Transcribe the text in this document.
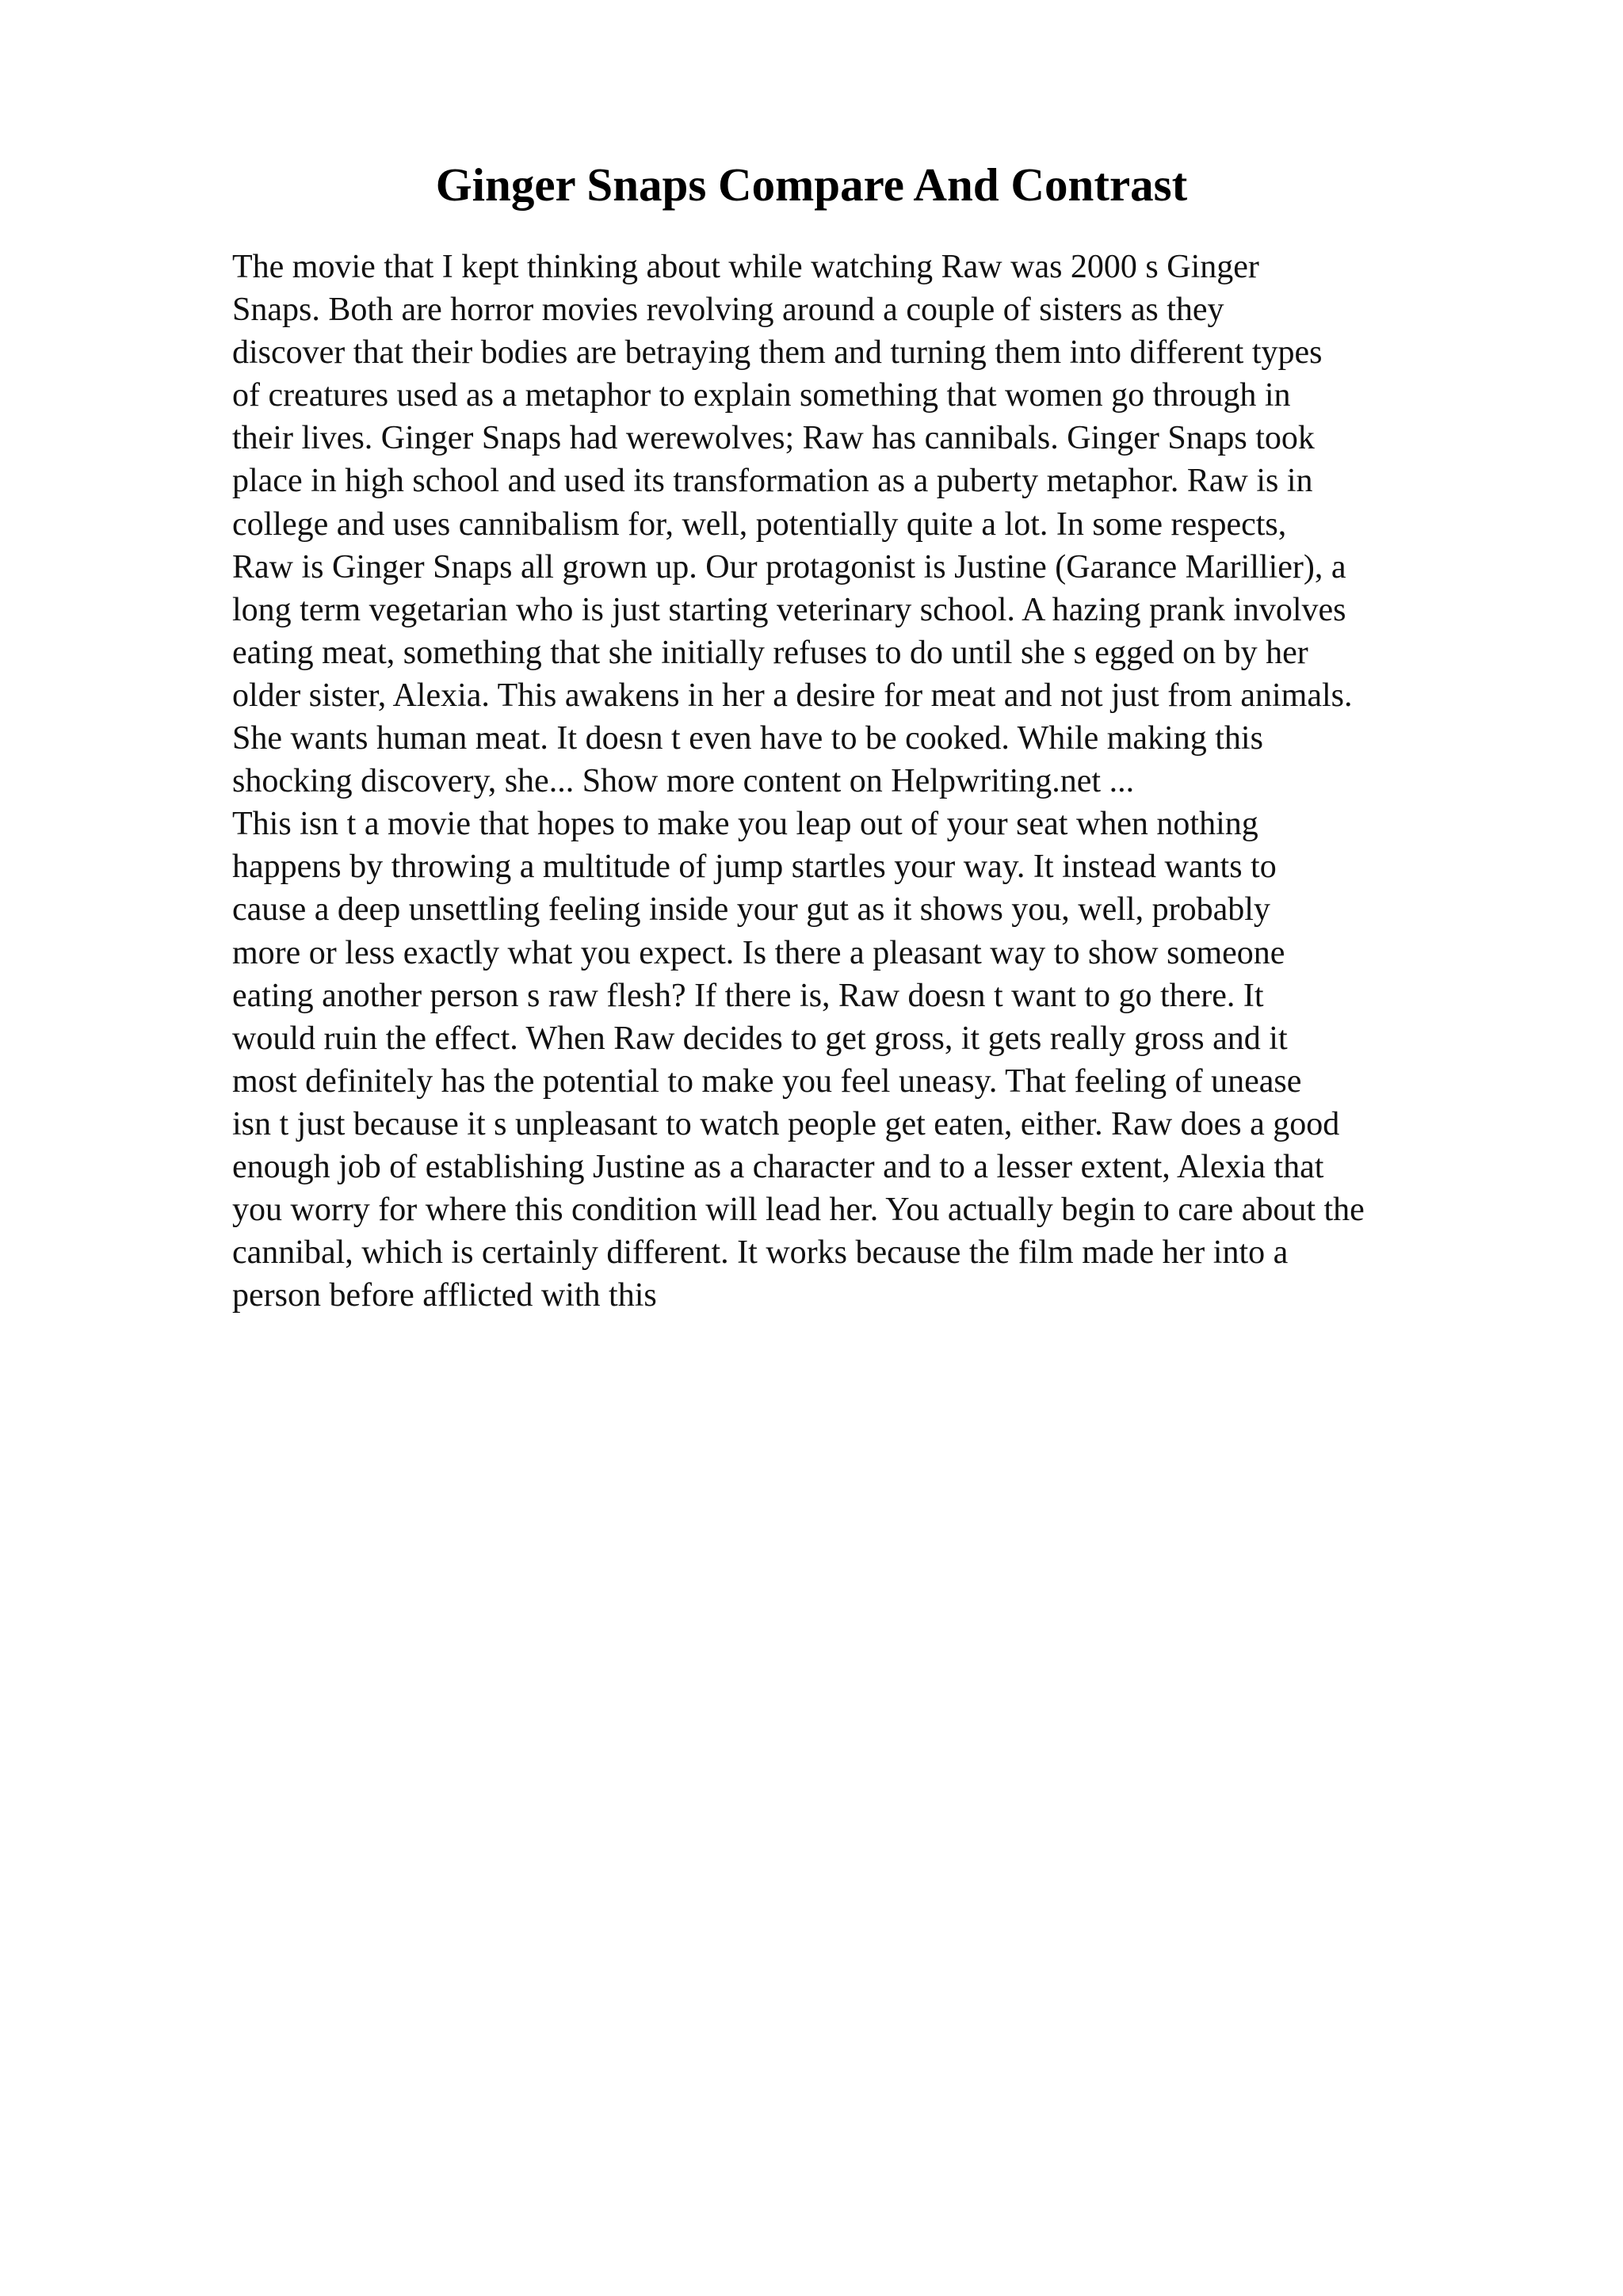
Ginger Snaps Compare And Contrast
The movie that I kept thinking about while watching Raw was 2000 s Ginger
Snaps. Both are horror movies revolving around a couple of sisters as they
discover that their bodies are betraying them and turning them into different types
of creatures used as a metaphor to explain something that women go through in
their lives. Ginger Snaps had werewolves; Raw has cannibals. Ginger Snaps took
place in high school and used its transformation as a puberty metaphor. Raw is in
college and uses cannibalism for, well, potentially quite a lot. In some respects,
Raw is Ginger Snaps all grown up. Our protagonist is Justine (Garance Marillier), a
long term vegetarian who is just starting veterinary school. A hazing prank involves
eating meat, something that she initially refuses to do until she s egged on by her
older sister, Alexia. This awakens in her a desire for meat and not just from animals.
She wants human meat. It doesn t even have to be cooked. While making this
shocking discovery, she... Show more content on Helpwriting.net ...
This isn t a movie that hopes to make you leap out of your seat when nothing
happens by throwing a multitude of jump startles your way. It instead wants to
cause a deep unsettling feeling inside your gut as it shows you, well, probably
more or less exactly what you expect. Is there a pleasant way to show someone
eating another person s raw flesh? If there is, Raw doesn t want to go there. It
would ruin the effect. When Raw decides to get gross, it gets really gross and it
most definitely has the potential to make you feel uneasy. That feeling of unease
isn t just because it s unpleasant to watch people get eaten, either. Raw does a good
enough job of establishing Justine as a character and to a lesser extent, Alexia that
you worry for where this condition will lead her. You actually begin to care about the
cannibal, which is certainly different. It works because the film made her into a
person before afflicted with this
